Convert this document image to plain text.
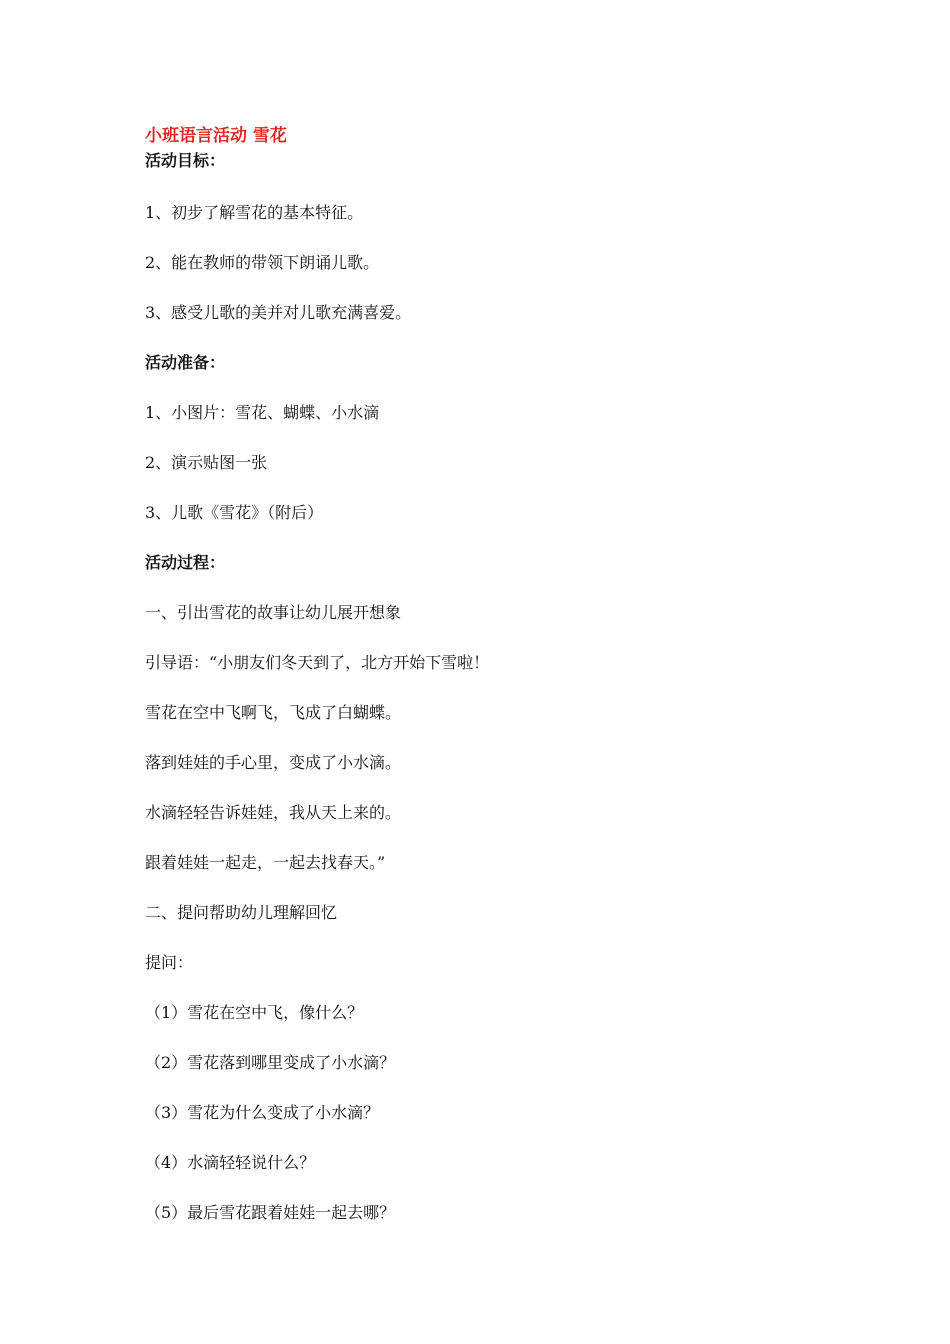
小班语言活动 雪花
活动目标：
1、初步了解雪花的基本特征。
2、能在教师的带领下朗诵儿歌。
3、感受儿歌的美并对儿歌充满喜爱。
活动准备：
1、小图片：雪花、蝴蝶、小水滴
2、演示贴图一张
3、儿歌《雪花》（附后）
活动过程：
一、引出雪花的故事让幼儿展开想象
引导语：“小朋友们冬天到了，北方开始下雪啦！
雪花在空中飞啊飞，飞成了白蝴蝶。
落到娃娃的手心里，变成了小水滴。
水滴轻轻告诉娃娃，我从天上来的。
跟着娃娃一起走，一起去找春天。”
二、提问帮助幼儿理解回忆
提问：
（1）雪花在空中飞，像什么？
（2）雪花落到哪里变成了小水滴？
（3）雪花为什么变成了小水滴？
（4）水滴轻轻说什么？
（5）最后雪花跟着娃娃一起去哪？
